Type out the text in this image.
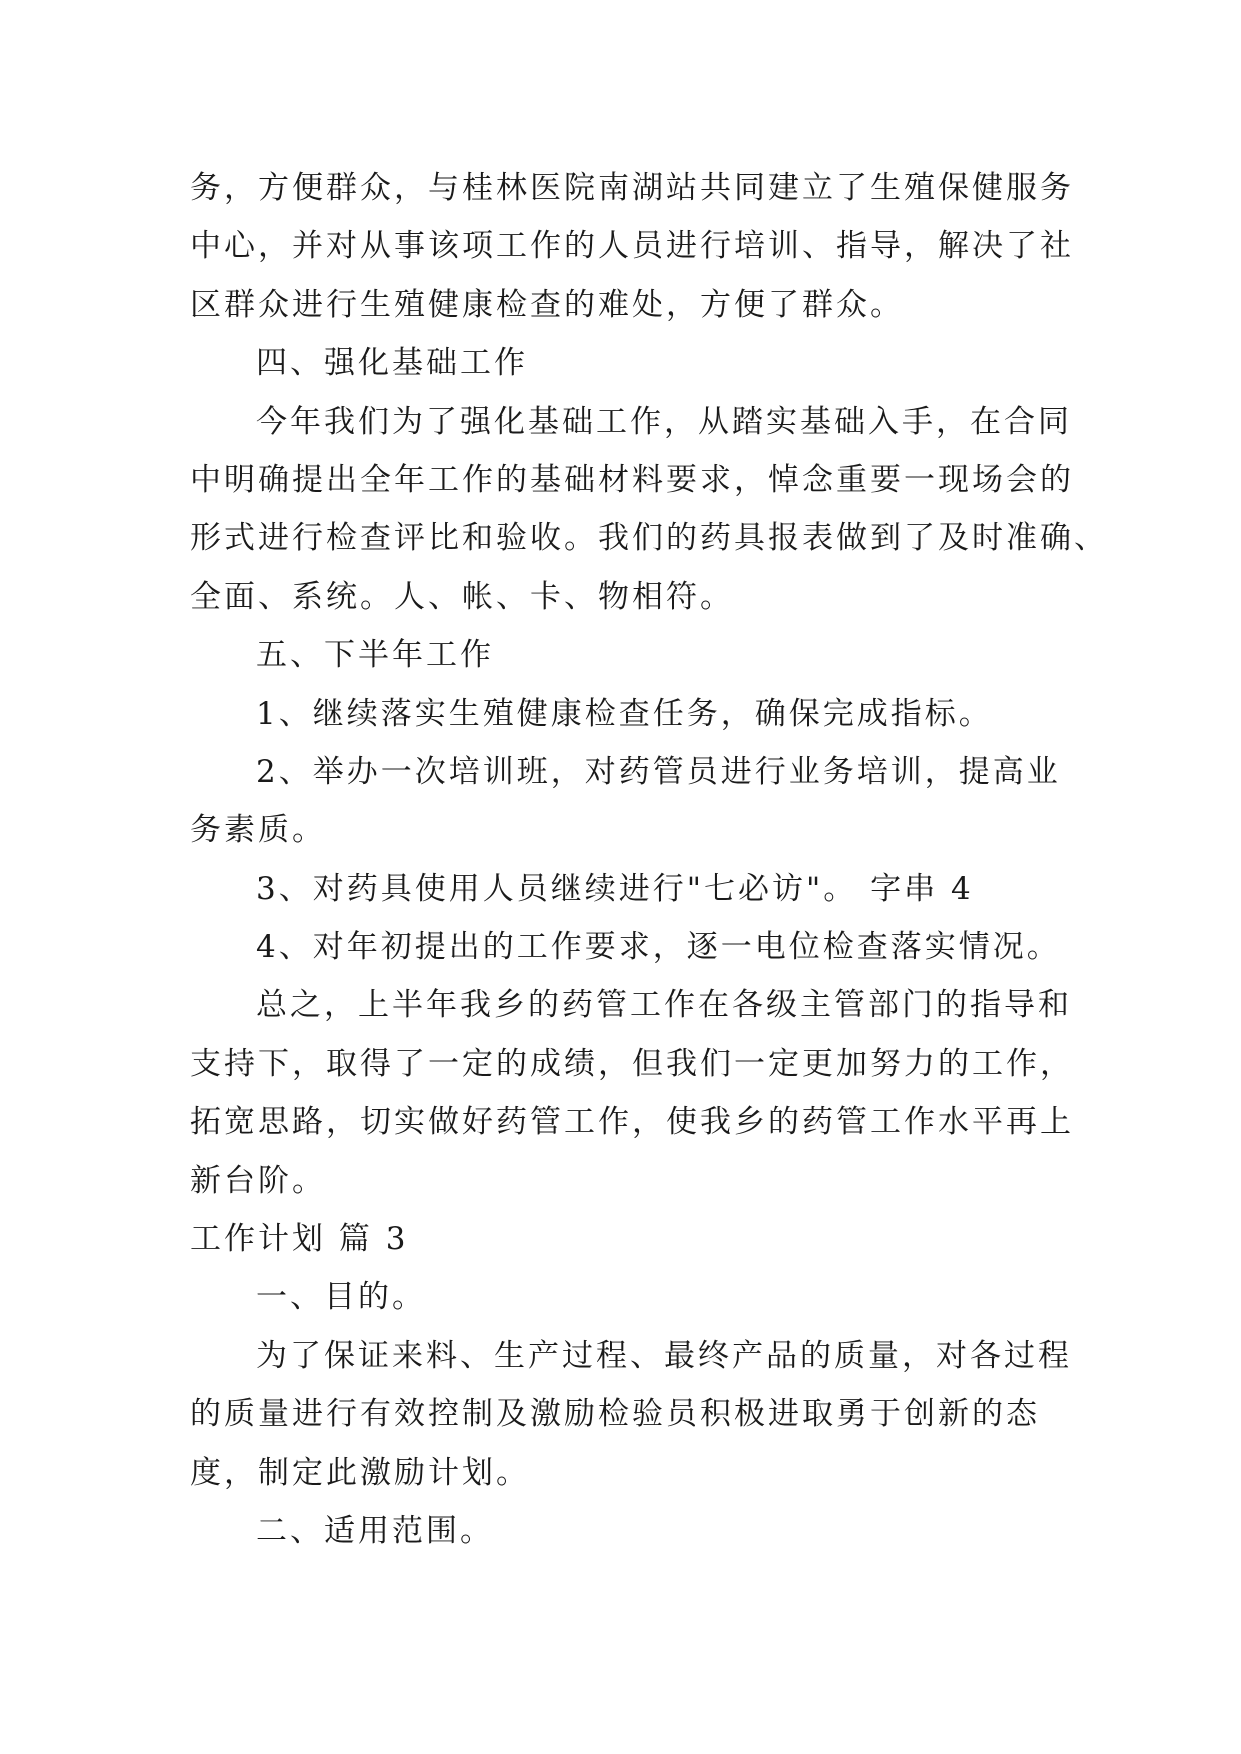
务，方便群众，与桂林医院南湖站共同建立了生殖保健服务
中心，并对从事该项工作的人员进行培训、指导，解决了社
区群众进行生殖健康检查的难处，方便了群众。
四、强化基础工作
今年我们为了强化基础工作，从踏实基础入手，在合同
中明确提出全年工作的基础材料要求，悼念重要一现场会的
形式进行检查评比和验收。我们的药具报表做到了及时准确、
全面、系统。人、帐、卡、物相符。
五、下半年工作
1、继续落实生殖健康检查任务，确保完成指标。
2、举办一次培训班，对药管员进行业务培训，提高业
务素质。
3、对药具使用人员继续进行"七必访"。 字串 4
4、对年初提出的工作要求，逐一电位检查落实情况。
总之，上半年我乡的药管工作在各级主管部门的指导和
支持下，取得了一定的成绩，但我们一定更加努力的工作，
拓宽思路，切实做好药管工作，使我乡的药管工作水平再上
新台阶。
工作计划 篇 3
一、目的。
为了保证来料、生产过程、最终产品的质量，对各过程
的质量进行有效控制及激励检验员积极进取勇于创新的态
度，制定此激励计划。
二、适用范围。
